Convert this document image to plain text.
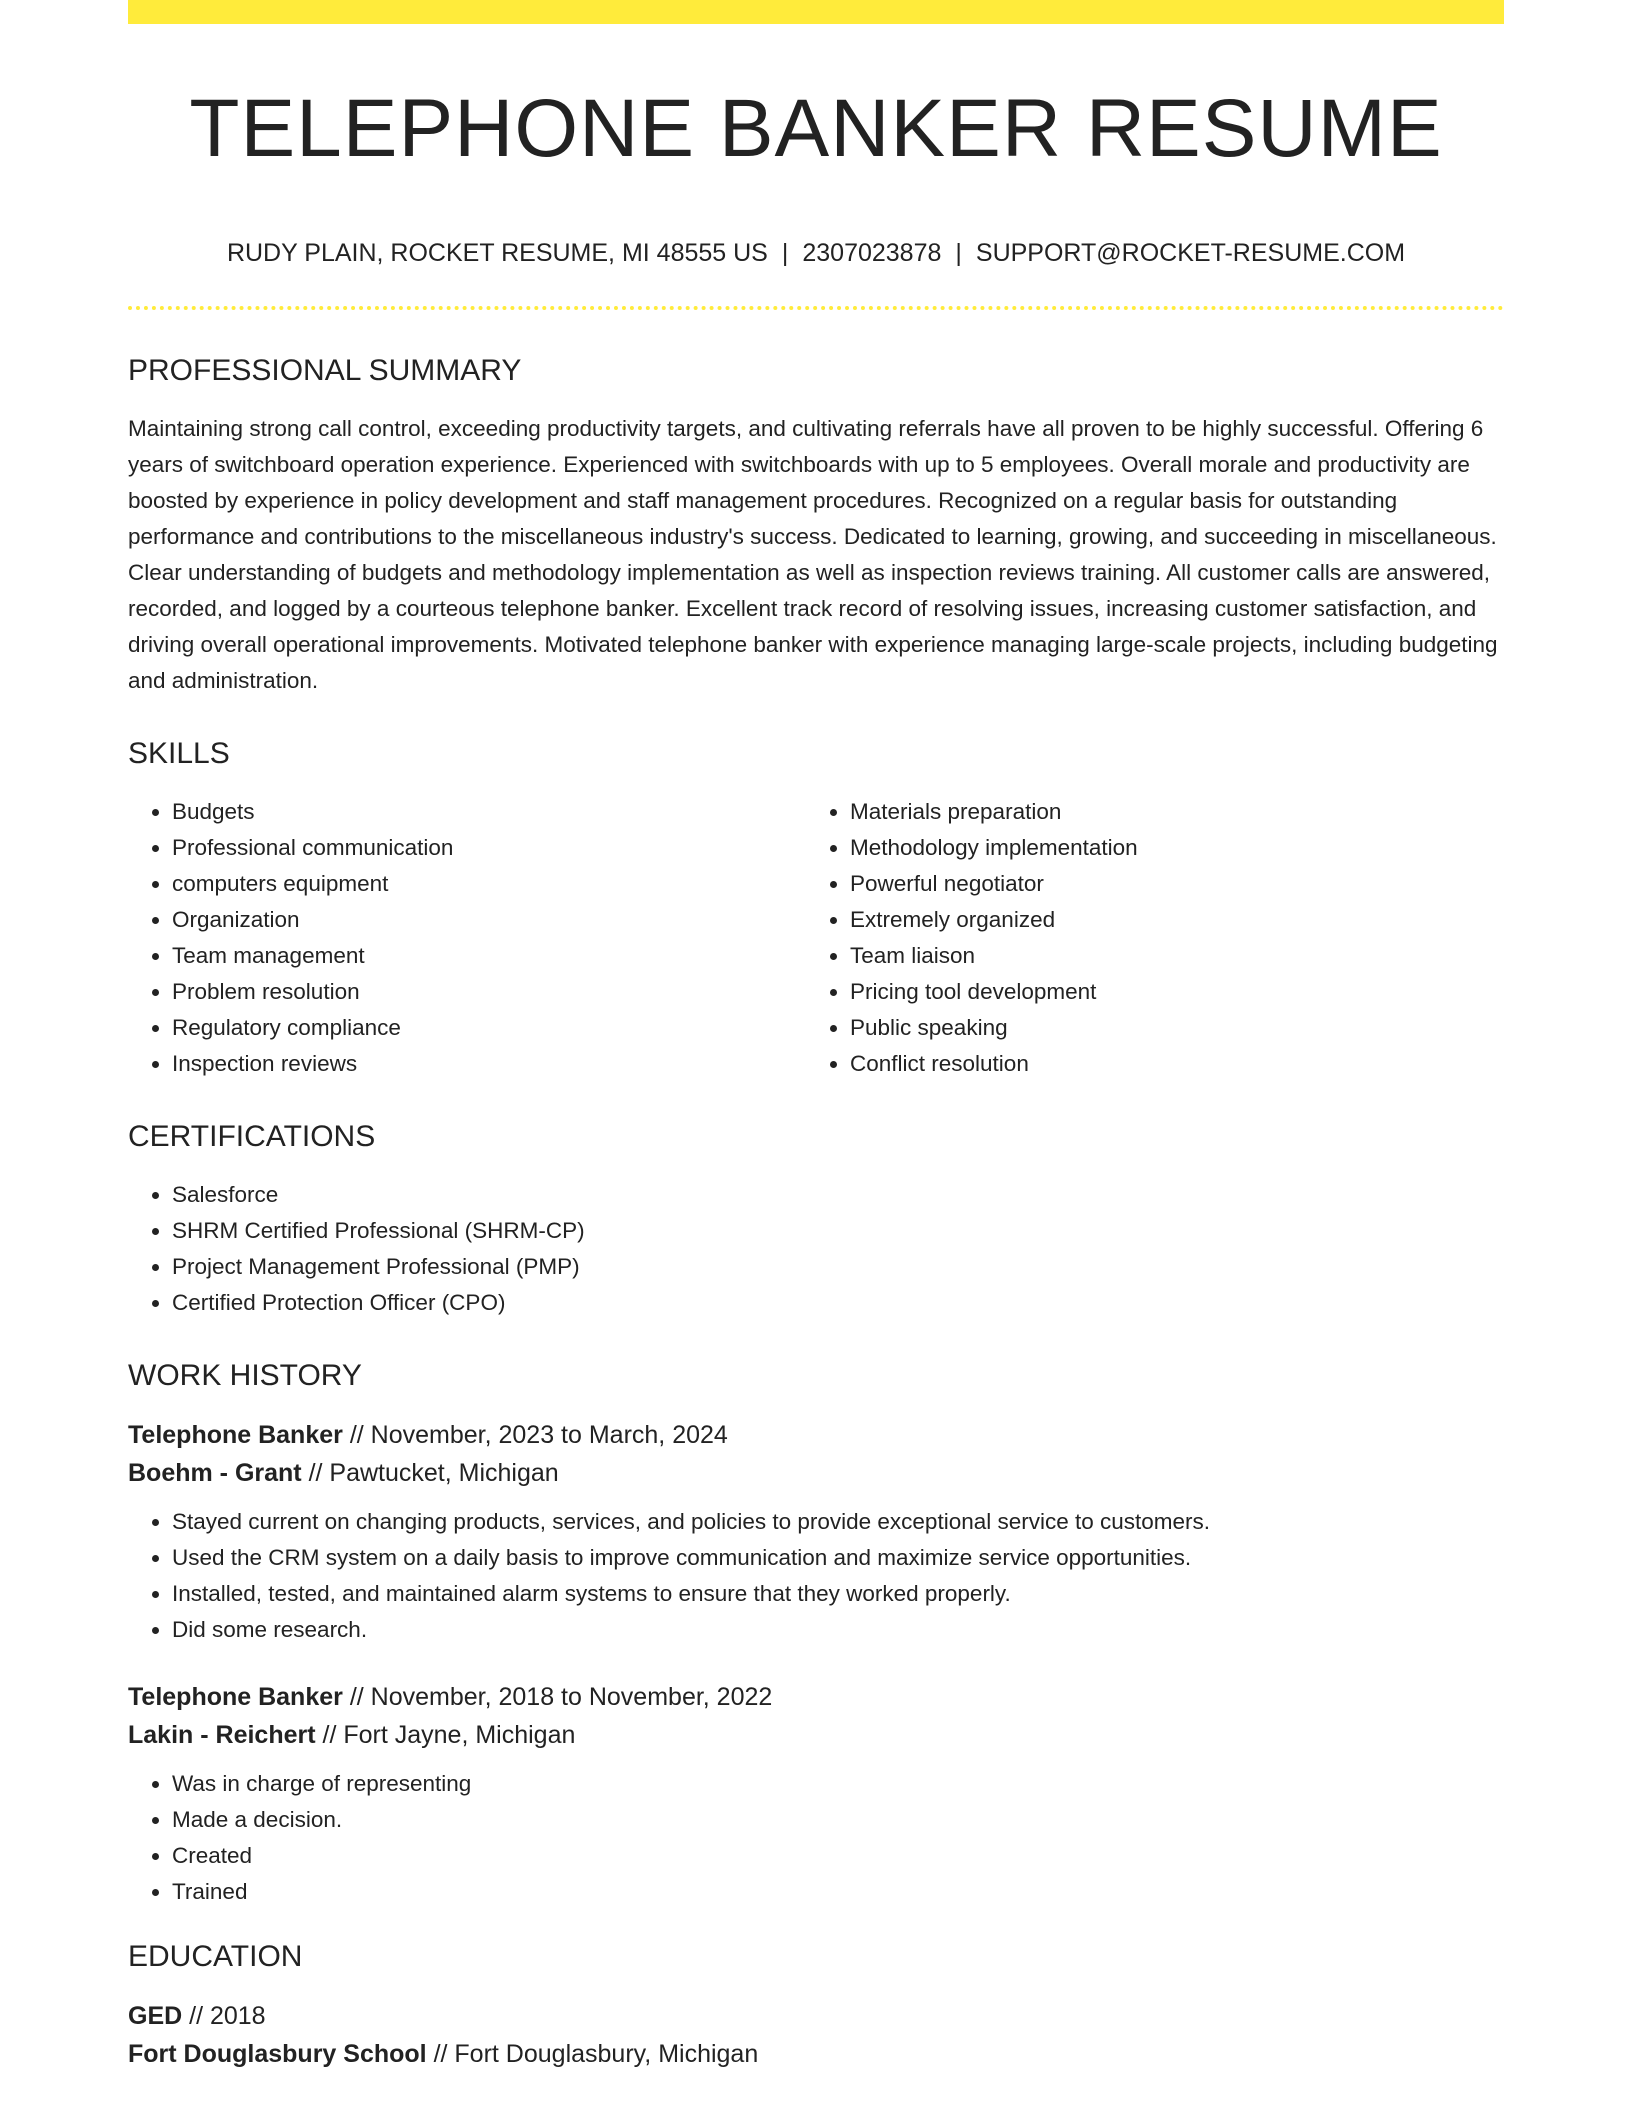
TELEPHONE BANKER RESUME
RUDY PLAIN, ROCKET RESUME, MI 48555 US | 2307023878 | SUPPORT@ROCKET-RESUME.COM
PROFESSIONAL SUMMARY

Maintaining strong call control, exceeding productivity targets, and cultivating referrals have all proven to be highly successful. Offering 6 years of switchboard operation experience. Experienced with switchboards with up to 5 employees. Overall morale and productivity are boosted by experience in policy development and staff management procedures. Recognized on a regular basis for outstanding performance and contributions to the miscellaneous industry's success. Dedicated to learning, growing, and succeeding in miscellaneous. Clear understanding of budgets and methodology implementation as well as inspection reviews training. All customer calls are answered, recorded, and logged by a courteous telephone banker. Excellent track record of resolving issues, increasing customer satisfaction, and driving overall operational improvements. Motivated telephone banker with experience managing large-scale projects, including budgeting and administration.

SKILLS
• Budgets
• Professional communication
• computers equipment
• Organization
• Team management
• Problem resolution
• Regulatory compliance
• Inspection reviews
• Materials preparation
• Methodology implementation
• Powerful negotiator
• Extremely organized
• Team liaison
• Pricing tool development
• Public speaking
• Conflict resolution
CERTIFICATIONS
• Salesforce
• SHRM Certified Professional (SHRM-CP)
• Project Management Professional (PMP)
• Certified Protection Officer (CPO)
WORK HISTORY

Telephone Banker // November, 2023 to March, 2024

Boehm - Grant // Pawtucket, Michigan

• Stayed current on changing products, services, and policies to provide exceptional service to customers.
• Used the CRM system on a daily basis to improve communication and maximize service opportunities.
• Installed, tested, and maintained alarm systems to ensure that they worked properly.
• Did some research.

Telephone Banker // November, 2018 to November, 2022

Lakin - Reichert // Fort Jayne, Michigan

• Was in charge of representing
• Made a decision.
• Created
• Trained
EDUCATION

GED // 2018

Fort Douglasbury School // Fort Douglasbury, Michigan
